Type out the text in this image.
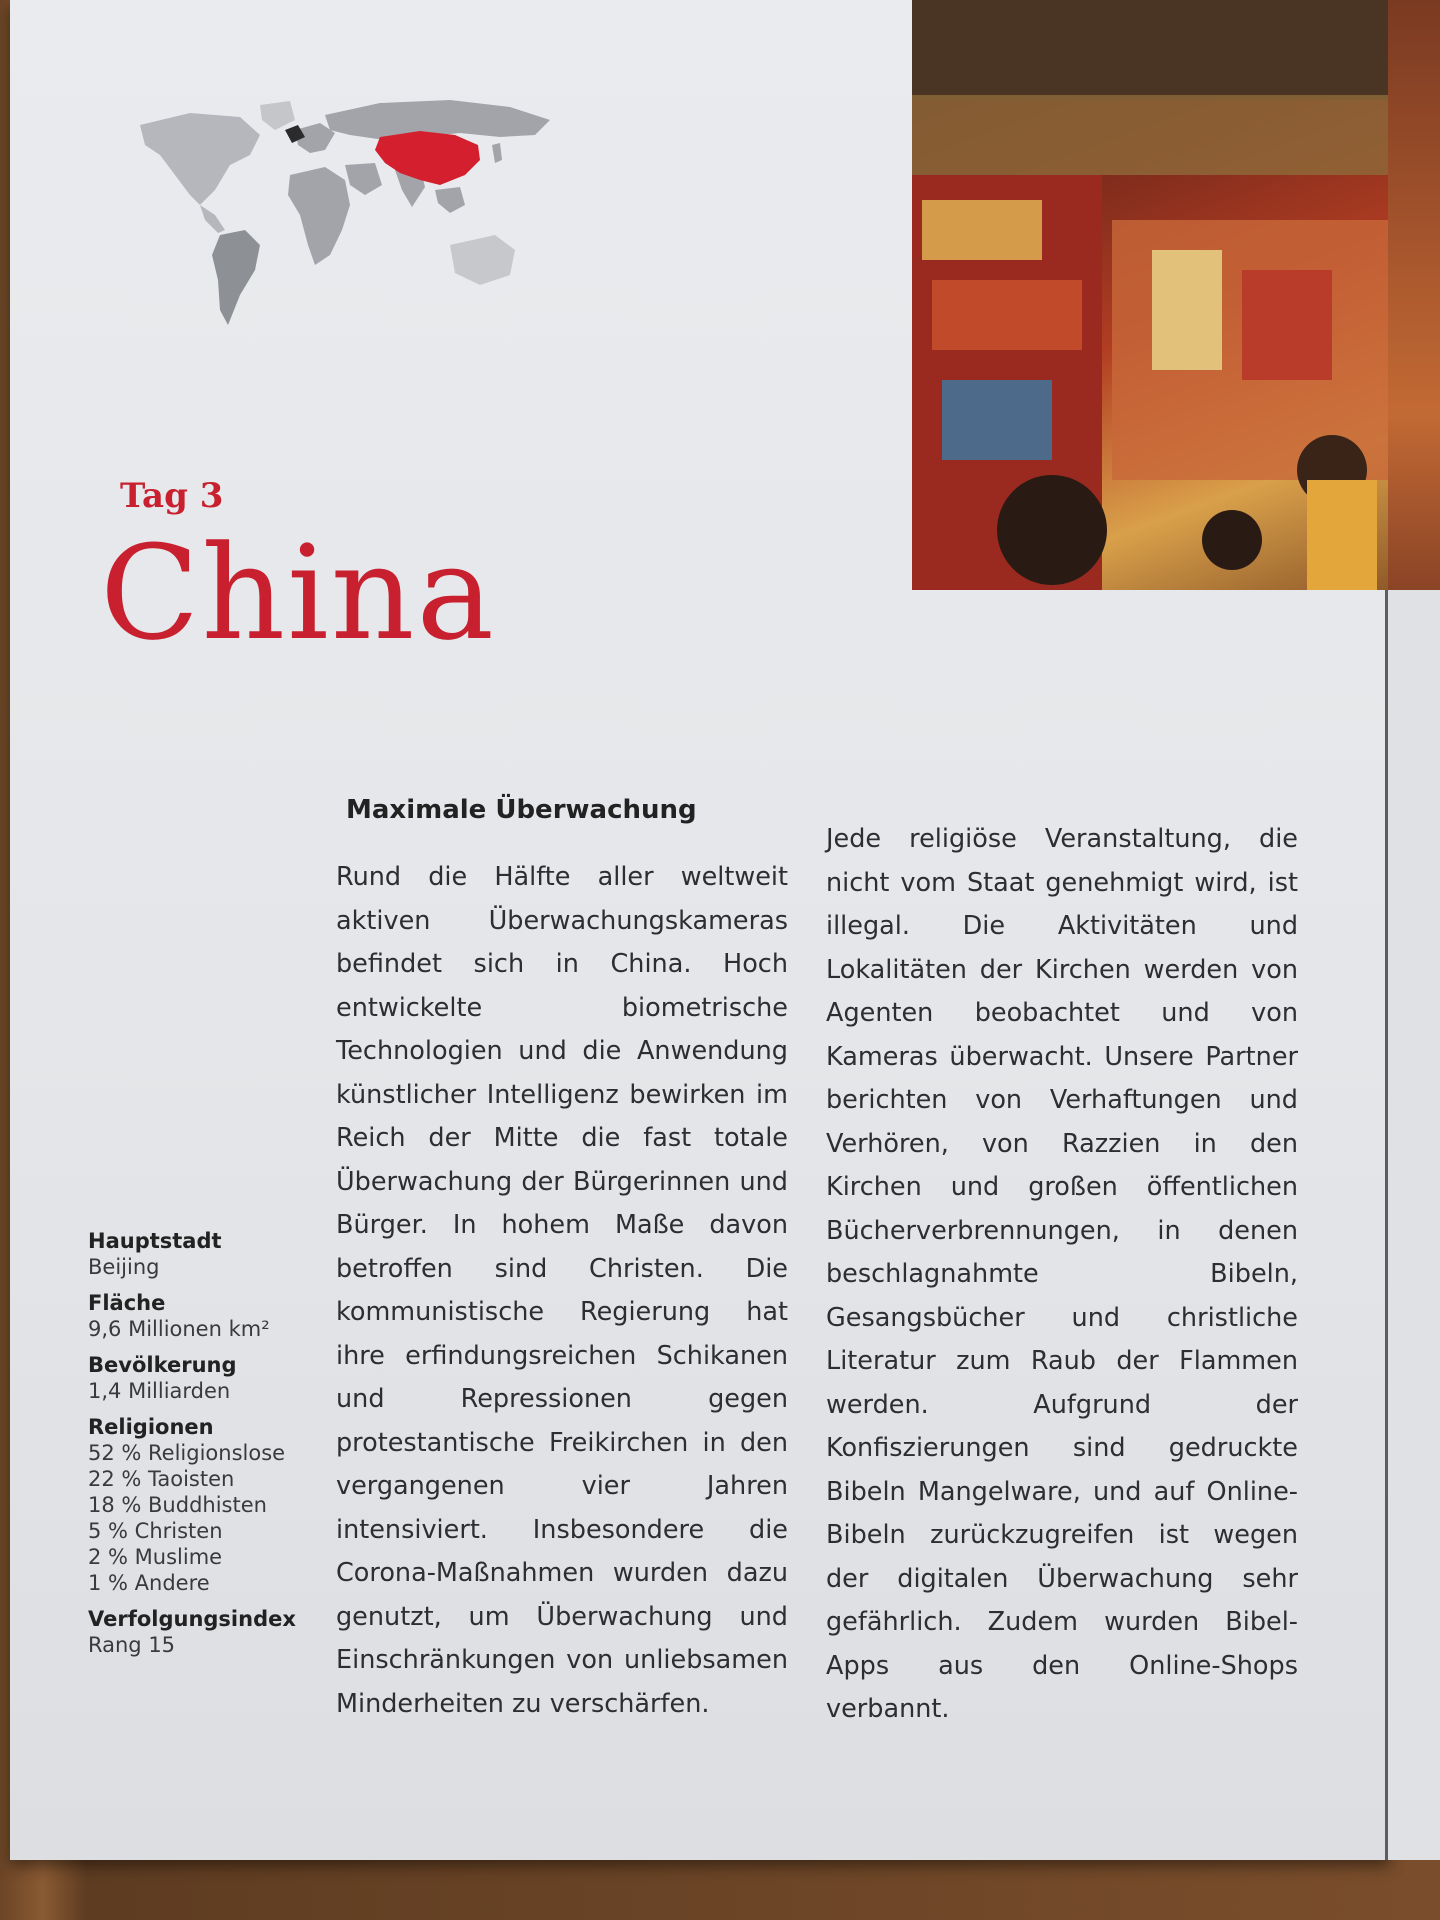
Tag 3
China
Hauptstadt
Beijing
Fläche
9,6 Millionen km²
Bevölkerung
1,4 Milliarden
Religionen
52 % Religionslose
22 % Taoisten
18 % Buddhisten
5 % Christen
2 % Muslime
1 % Andere
Verfolgungsindex
Rang 15
Maximale Überwachung
Rund die Hälfte aller weltweit aktiven Überwachungskameras befindet sich in China. Hoch entwickelte biometrische Technologien und die Anwendung künstlicher Intelligenz bewirken im Reich der Mitte die fast totale Überwachung der Bürgerinnen und Bürger. In hohem Maße davon betroffen sind Christen. Die kommunistische Regierung hat ihre erfindungsreichen Schikanen und Repressionen gegen protestantische Freikirchen in den vergangenen vier Jahren intensiviert. Insbesondere die Corona-Maßnahmen wurden dazu genutzt, um Überwachung und Einschränkungen von unliebsamen Minderheiten zu verschärfen.
Jede religiöse Veranstaltung, die nicht vom Staat genehmigt wird, ist illegal. Die Aktivitäten und Lokalitäten der Kirchen werden von Agenten beobachtet und von Kameras überwacht. Unsere Partner berichten von Verhaftungen und Verhören, von Razzien in den Kirchen und großen öffentlichen Bücherverbrennungen, in denen beschlagnahmte Bibeln, Gesangsbücher und christliche Literatur zum Raub der Flammen werden. Aufgrund der Konfiszierungen sind gedruckte Bibeln Mangelware, und auf Online-Bibeln zurückzugreifen ist wegen der digitalen Überwachung sehr gefährlich. Zudem wurden Bibel-Apps aus den Online-Shops verbannt.
